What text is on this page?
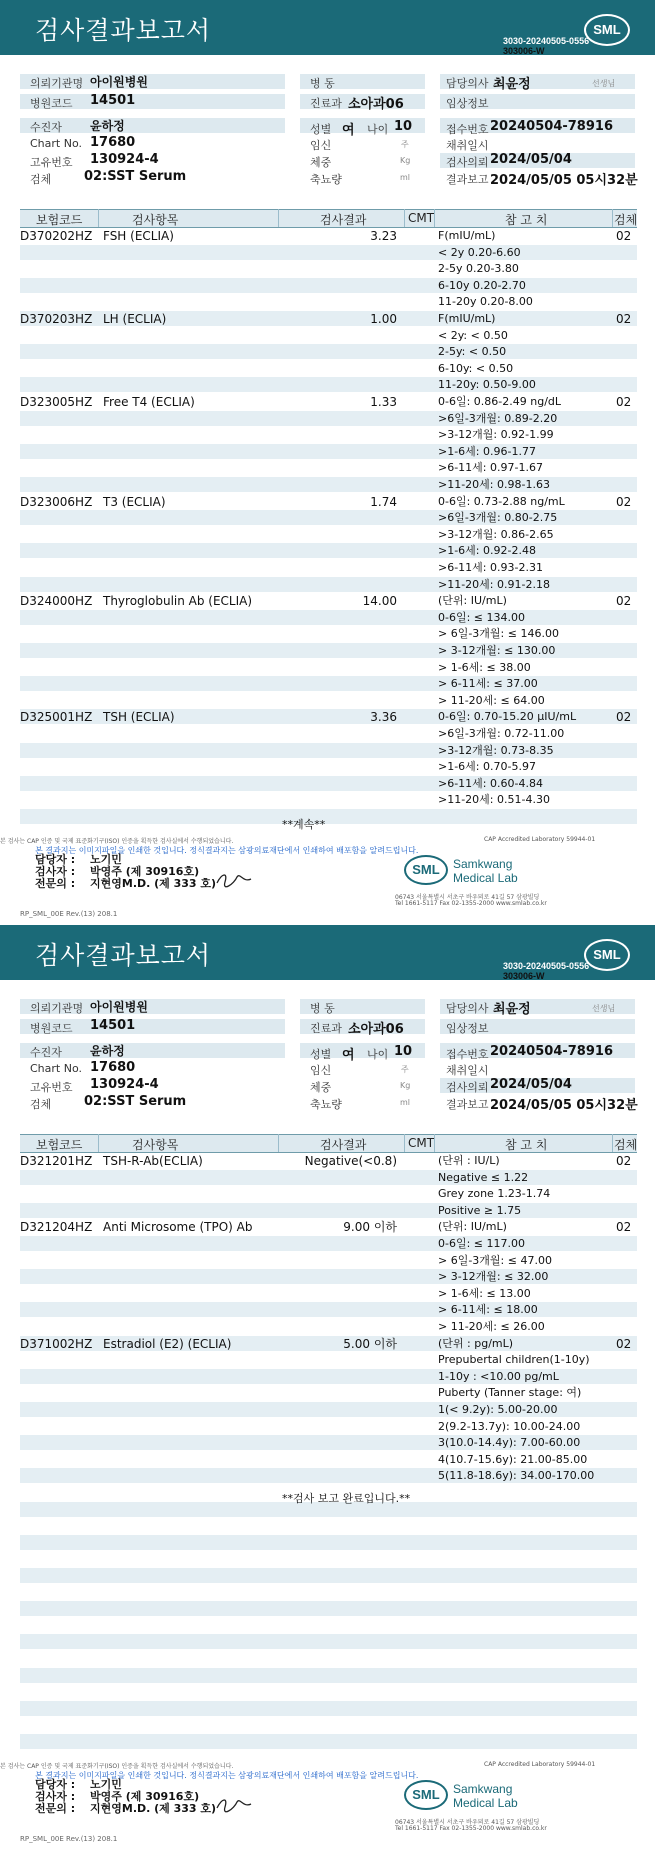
검사결과보고서	SML
3030-20240505-0556
303006-W
의뢰기관명 아이원병원
병원코드 14501
병 동
진료과 소아과06
담당의사 최윤정	선생님
임상정보
수진자 윤하정
Chart No. 17680
고유번호 130924-4
검체	02:SST Serum
성별 여 나이 10
임신	주
체중	Kg
축뇨량	ml
접수번호 20240504-78916
채취일시
검사의뢰 2024/05/04
결과보고 2024/05/05 05시32분
보험코드	검사항목	검사결과	CMT	참 고 치	검체
D370202HZ FSH (ECLIA)	3.23	02
F(mIU/mL)
< 2y 0.20-6.60
2-5y 0.20-3.80
6-10y 0.20-2.70
11-20y 0.20-8.00
D370203HZ LH (ECLIA)	1.00	02
F(mIU/mL)
< 2y: < 0.50
2-5y: < 0.50
6-10y: < 0.50
11-20y: 0.50-9.00
D323005HZ Free T4 (ECLIA)	1.33	02
0-6일: 0.86-2.49 ng/dL
>6일-3개월: 0.89-2.20
>3-12개월: 0.92-1.99
>1-6세: 0.96-1.77
>6-11세: 0.97-1.67
>11-20세: 0.98-1.63
D323006HZ T3 (ECLIA)	1.74	02
0-6일: 0.73-2.88 ng/mL
>6일-3개월: 0.80-2.75
>3-12개월: 0.86-2.65
>1-6세: 0.92-2.48
>6-11세: 0.93-2.31
>11-20세: 0.91-2.18
D324000HZ Thyroglobulin Ab (ECLIA)	14.00	02
(단위: IU/mL)
0-6일: ≤ 134.00
> 6일-3개월: ≤ 146.00
> 3-12개월: ≤ 130.00
> 1-6세: ≤ 38.00
> 6-11세: ≤ 37.00
> 11-20세: ≤ 64.00
D325001HZ TSH (ECLIA)	3.36	02
0-6일: 0.70-15.20 μIU/mL
>6일-3개월: 0.72-11.00
>3-12개월: 0.73-8.35
>1-6세: 0.70-5.97
>6-11세: 0.60-4.84
>11-20세: 0.51-4.30
**계속**
본 검사는 CAP 인증 및 국제 표준화기구(ISO) 인증을 획득한 검사실에서 수행되었습니다.	CAP Accredited Laboratory 59944-01
본 결과지는 이미지파일을 인쇄한 것입니다. 정식결과지는 삼광의료재단에서 인쇄하여 배포함을 알려드립니다.
담당자 : 노기민
검사자 : 박영주 (제 30916호)
전문의 : 지현영M.D. (제 333 호)
SML	Samkwang
Medical Lab
06743 서울특별시 서초구 바우뫼로 41길 57 삼광빌딩
Tel 1661-5117 Fax 02-1355-2000 www.smlab.co.kr
RP_SML_00E Rev.(13) 208.1
검사결과보고서	SML
3030-20240505-0556
303006-W
의뢰기관명 아이원병원
병원코드 14501
병 동
진료과 소아과06
담당의사 최윤정	선생님
임상정보
수진자 윤하정
Chart No. 17680
고유번호 130924-4
검체	02:SST Serum
성별 여 나이 10
임신	주
체중	Kg
축뇨량	ml
접수번호 20240504-78916
채취일시
검사의뢰 2024/05/04
결과보고 2024/05/05 05시32분
보험코드	검사항목	검사결과	CMT	참 고 치	검체
D321201HZ TSH-R-Ab(ECLIA)	Negative(<0.8)	02
(단위 : IU/L)
Negative ≤ 1.22
Grey zone 1.23-1.74
Positive ≥ 1.75
D321204HZ Anti Microsome (TPO) Ab	9.00 이하	02
(단위: IU/mL)
0-6일: ≤ 117.00
> 6일-3개월: ≤ 47.00
> 3-12개월: ≤ 32.00
> 1-6세: ≤ 13.00
> 6-11세: ≤ 18.00
> 11-20세: ≤ 26.00
D371002HZ Estradiol (E2) (ECLIA)	5.00 이하	02
(단위 : pg/mL)
Prepubertal children(1-10y)
1-10y : <10.00 pg/mL
Puberty (Tanner stage: 여)
1(< 9.2y): 5.00-20.00
2(9.2-13.7y): 10.00-24.00
3(10.0-14.4y): 7.00-60.00
4(10.7-15.6y): 21.00-85.00
5(11.8-18.6y): 34.00-170.00
**검사 보고 완료입니다.**
본 검사는 CAP 인증 및 국제 표준화기구(ISO) 인증을 획득한 검사실에서 수행되었습니다.	CAP Accredited Laboratory 59944-01
본 결과지는 이미지파일을 인쇄한 것입니다. 정식결과지는 삼광의료재단에서 인쇄하여 배포함을 알려드립니다.
담당자 : 노기민
검사자 : 박영주 (제 30916호)
전문의 : 지현영M.D. (제 333 호)
SML	Samkwang
Medical Lab
06743 서울특별시 서초구 바우뫼로 41길 57 삼광빌딩
Tel 1661-5117 Fax 02-1355-2000 www.smlab.co.kr
RP_SML_00E Rev.(13) 208.1
